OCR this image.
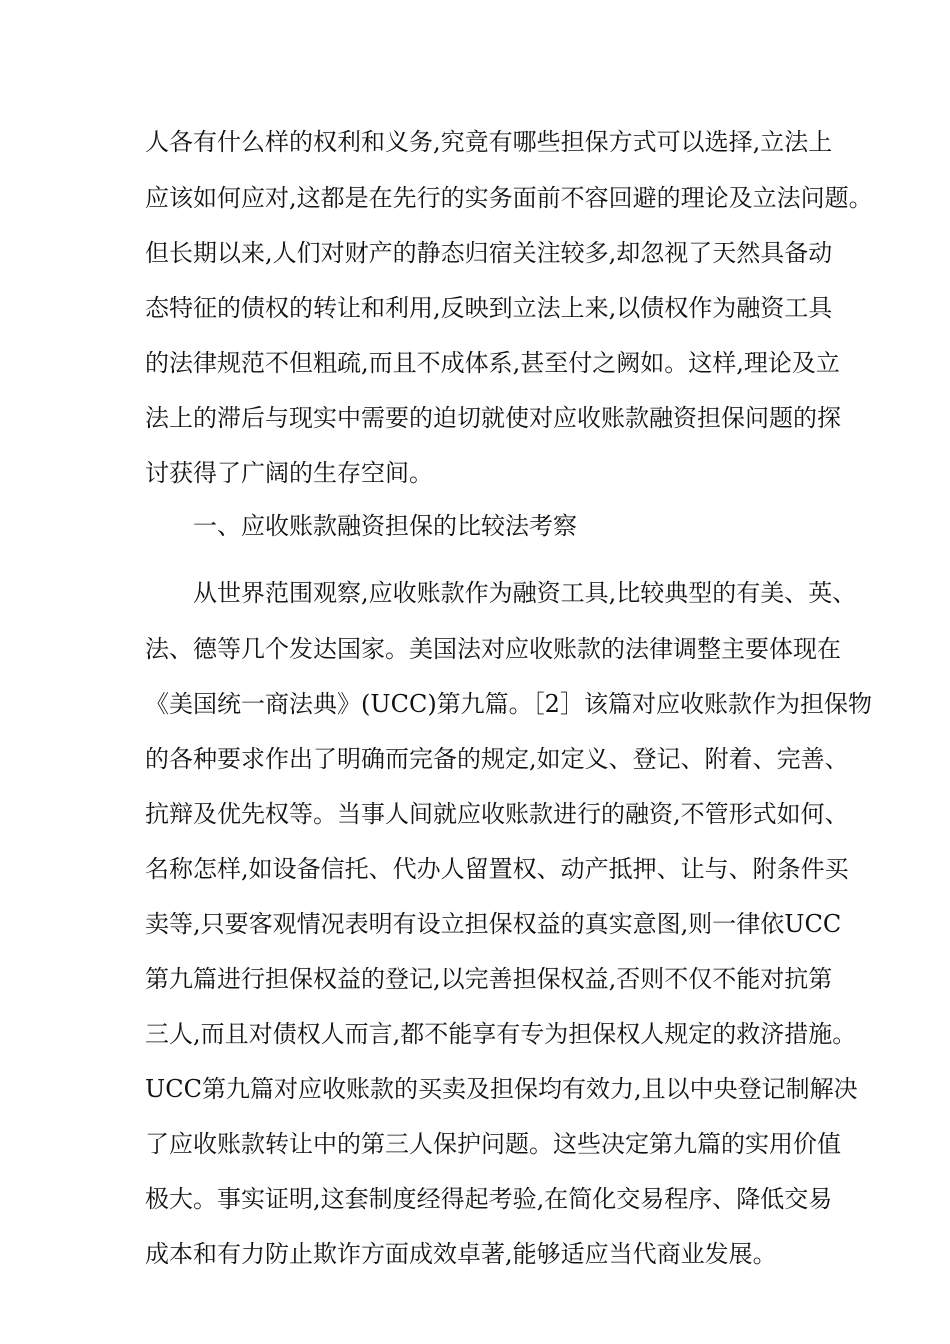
人各有什么样的权利和义务,究竟有哪些担保方式可以选择,立法上
应该如何应对,这都是在先行的实务面前不容回避的理论及立法问题。
但长期以来,人们对财产的静态归宿关注较多,却忽视了天然具备动
态特征的债权的转让和利用,反映到立法上来,以债权作为融资工具
的法律规范不但粗疏,而且不成体系,甚至付之阙如。这样,理论及立
法上的滞后与现实中需要的迫切就使对应收账款融资担保问题的探
讨获得了广阔的生存空间。
一、应收账款融资担保的比较法考察
　　从世界范围观察,应收账款作为融资工具,比较典型的有美、英、
法、德等几个发达国家。美国法对应收账款的法律调整主要体现在
《美国统一商法典》(UCC)第九篇。［2］该篇对应收账款作为担保物
的各种要求作出了明确而完备的规定,如定义、登记、附着、完善、
抗辩及优先权等。当事人间就应收账款进行的融资,不管形式如何、
名称怎样,如设备信托、代办人留置权、动产抵押、让与、附条件买
卖等,只要客观情况表明有设立担保权益的真实意图,则一律依UCC
第九篇进行担保权益的登记,以完善担保权益,否则不仅不能对抗第
三人,而且对债权人而言,都不能享有专为担保权人规定的救济措施。
UCC第九篇对应收账款的买卖及担保均有效力,且以中央登记制解决
了应收账款转让中的第三人保护问题。这些决定第九篇的实用价值
极大。事实证明,这套制度经得起考验,在简化交易程序、降低交易
成本和有力防止欺诈方面成效卓著,能够适应当代商业发展。
